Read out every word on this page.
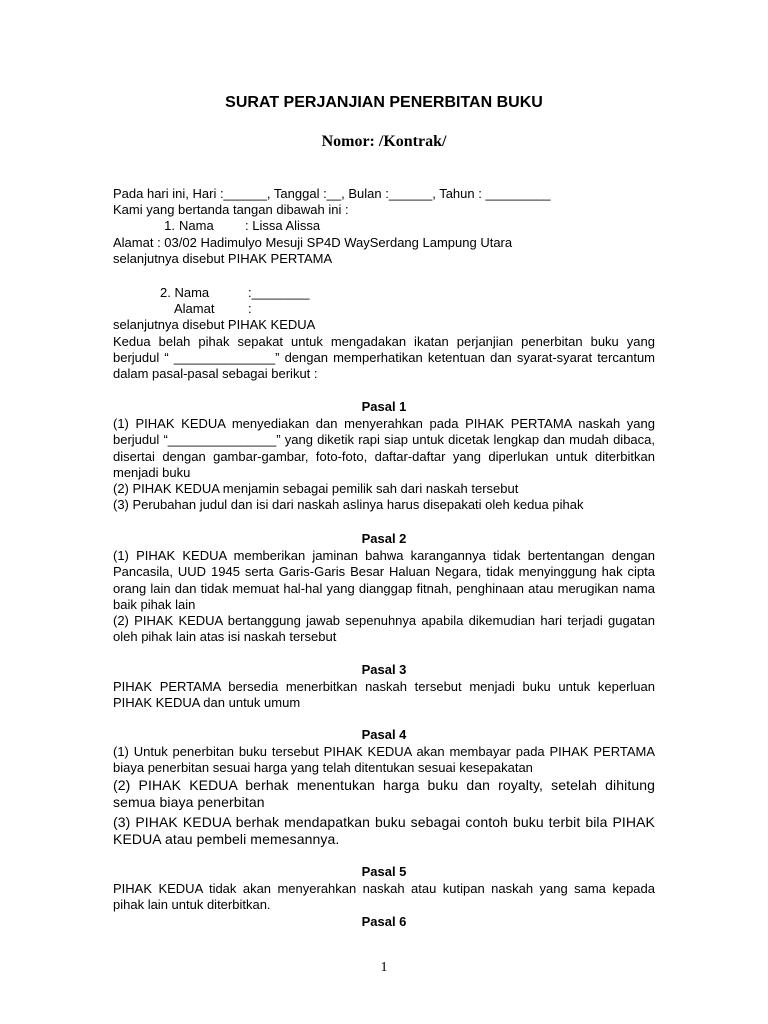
SURAT PERJANJIAN PENERBITAN BUKU
Nomor: /Kontrak/
Pada hari ini, Hari :______, Tanggal :__, Bulan :______, Tahun : _________
Kami yang bertanda tangan dibawah ini :
1. Nama : Lissa Alissa
Alamat : 03/02 Hadimulyo Mesuji SP4D WaySerdang Lampung Utara
selanjutnya disebut PIHAK PERTAMA
2. Nama	:________
Alamat	:
selanjutnya disebut PIHAK KEDUA
Kedua belah pihak sepakat untuk mengadakan ikatan perjanjian penerbitan buku yang berjudul “ ______________” dengan memperhatikan ketentuan dan syarat-syarat tercantum dalam pasal-pasal sebagai berikut :
Pasal 1
(1) PIHAK KEDUA menyediakan dan menyerahkan pada PIHAK PERTAMA naskah yang berjudul “_______________” yang diketik rapi siap untuk dicetak lengkap dan mudah dibaca, disertai dengan gambar-gambar, foto-foto, daftar-daftar yang diperlukan untuk diterbitkan menjadi buku
(2) PIHAK KEDUA menjamin sebagai pemilik sah dari naskah tersebut
(3) Perubahan judul dan isi dari naskah aslinya harus disepakati oleh kedua pihak
Pasal 2
(1) PIHAK KEDUA memberikan jaminan bahwa karangannya tidak bertentangan dengan Pancasila, UUD 1945 serta Garis-Garis Besar Haluan Negara, tidak menyinggung hak cipta orang lain dan tidak memuat hal-hal yang dianggap fitnah, penghinaan atau merugikan nama baik pihak lain
(2) PIHAK KEDUA bertanggung jawab sepenuhnya apabila dikemudian hari terjadi gugatan oleh pihak lain atas isi naskah tersebut
Pasal 3
PIHAK PERTAMA bersedia menerbitkan naskah tersebut menjadi buku untuk keperluan PIHAK KEDUA dan untuk umum
Pasal 4
(1) Untuk penerbitan buku tersebut PIHAK KEDUA akan membayar pada PIHAK PERTAMA biaya penerbitan sesuai harga yang telah ditentukan sesuai kesepakatan
(2) PIHAK KEDUA berhak menentukan harga buku dan royalty, setelah dihitung semua biaya penerbitan
(3) PIHAK KEDUA berhak mendapatkan buku sebagai contoh buku terbit bila PIHAK KEDUA atau pembeli memesannya.
Pasal 5
PIHAK KEDUA tidak akan menyerahkan naskah atau kutipan naskah yang sama kepada pihak lain untuk diterbitkan.
Pasal 6
1
